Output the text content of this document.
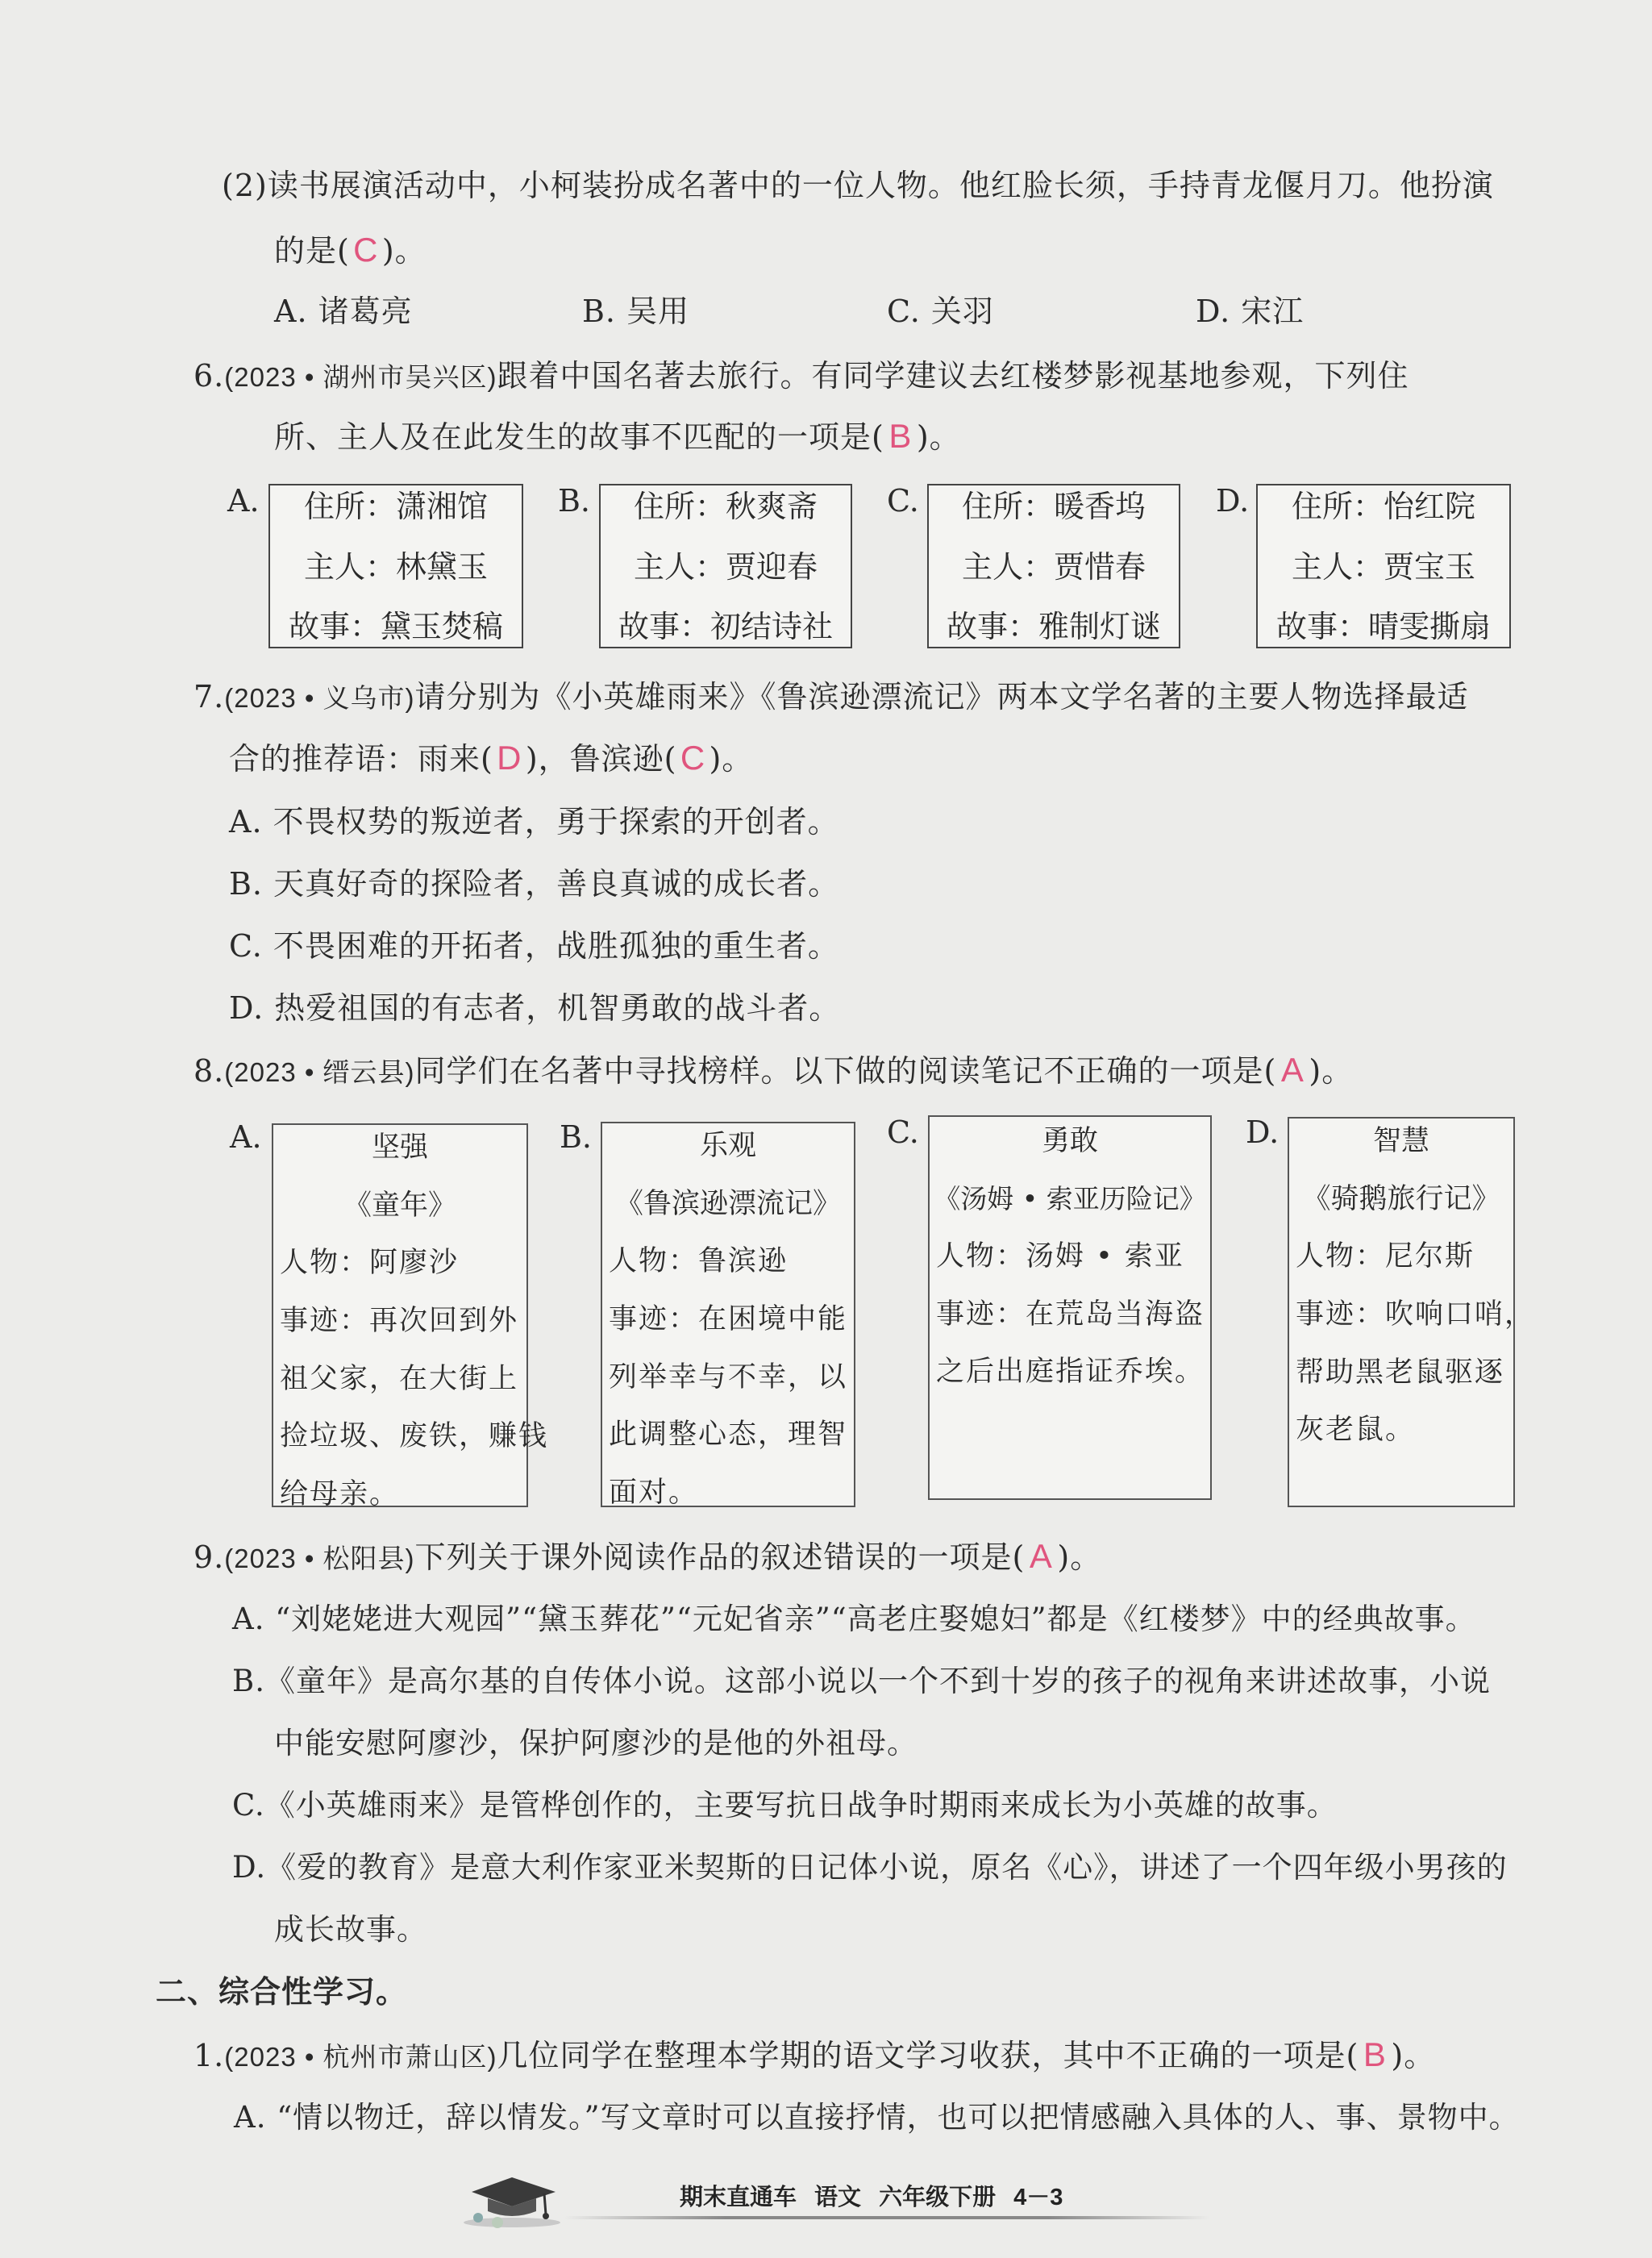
(2)读书展演活动中，小柯装扮成名著中的一位人物。他红脸长须，手持青龙偃月刀。他扮演
的是( C )。
A. 诸葛亮	B. 吴用	C. 关羽	D. 宋江
6.(2023 • 湖州市吴兴区)跟着中国名著去旅行。有同学建议去红楼梦影视基地参观，下列住
所、主人及在此发生的故事不匹配的一项是( B )。
A.	住所：潇湘馆
主人：林黛玉
故事：黛玉焚稿
B.	住所：秋爽斋
主人：贾迎春
故事：初结诗社
C.	住所：暖香坞
主人：贾惜春
故事：雅制灯谜
D.	住所：怡红院
主人：贾宝玉
故事：晴雯撕扇
7.(2023 • 义乌市)请分别为《小英雄雨来》《鲁滨逊漂流记》两本文学名著的主要人物选择最适
合的推荐语：雨来( D )，鲁滨逊( C )。
A. 不畏权势的叛逆者，勇于探索的开创者。
B. 天真好奇的探险者，善良真诚的成长者。
C. 不畏困难的开拓者，战胜孤独的重生者。
D. 热爱祖国的有志者，机智勇敢的战斗者。
8.(2023 • 缙云县)同学们在名著中寻找榜样。以下做的阅读笔记不正确的一项是( A )。
A.	坚强
《童年》
人物：阿廖沙
事迹：再次回到外
祖父家，在大街上
捡垃圾、废铁，赚钱
给母亲。
B.	乐观
《鲁滨逊漂流记》
人物：鲁滨逊
事迹：在困境中能
列举幸与不幸，以
此调整心态，理智
面对。
C.	勇敢
《汤姆 • 索亚历险记》
人物：汤姆 • 索亚
事迹：在荒岛当海盗
之后出庭指证乔埃。
D.	智慧
《骑鹅旅行记》
人物：尼尔斯
事迹：吹响口哨，
帮助黑老鼠驱逐
灰老鼠。
9.(2023 • 松阳县)下列关于课外阅读作品的叙述错误的一项是( A )。
A. “刘姥姥进大观园”“黛玉葬花”“元妃省亲”“高老庄娶媳妇”都是《红楼梦》中的经典故事。
B.《童年》是高尔基的自传体小说。这部小说以一个不到十岁的孩子的视角来讲述故事，小说
中能安慰阿廖沙，保护阿廖沙的是他的外祖母。
C.《小英雄雨来》是管桦创作的，主要写抗日战争时期雨来成长为小英雄的故事。
D.《爱的教育》是意大利作家亚米契斯的日记体小说，原名《心》，讲述了一个四年级小男孩的
成长故事。
二、综合性学习。
1.(2023 • 杭州市萧山区)几位同学在整理本学期的语文学习收获，其中不正确的一项是( B )。
A. “情以物迁，辞以情发。”写文章时可以直接抒情，也可以把情感融入具体的人、事、景物中。
期末直通车 语文 六年级下册 4－3
